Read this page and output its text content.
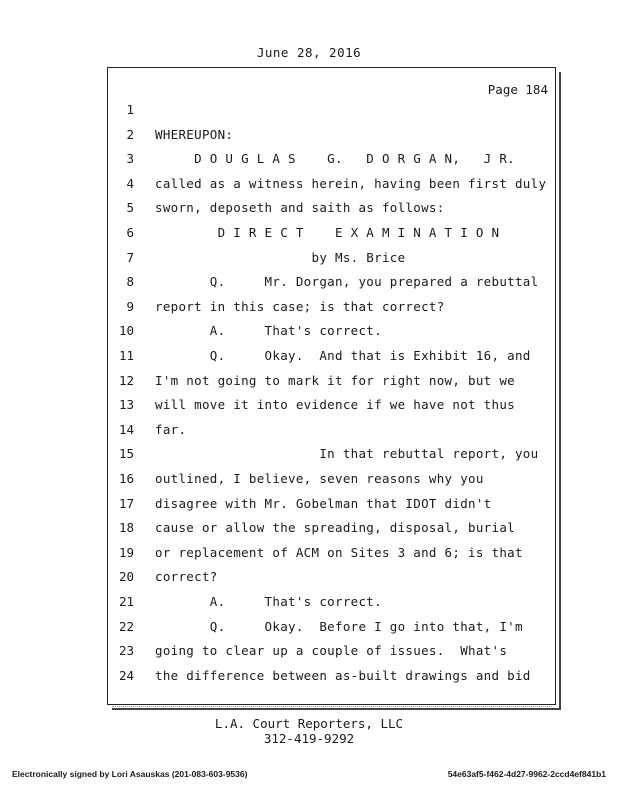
June 28, 2016
Page 184
1
2 WHEREUPON:
3 D O U G L A S    G.   D O R G A N,   J R.
4 called as a witness herein, having been first duly
5 sworn, deposeth and saith as follows:
6 D I R E C T    E X A M I N A T I O N
7 by Ms. Brice
8 Q.     Mr. Dorgan, you prepared a rebuttal
9 report in this case; is that correct?
10 A.     That's correct.
11 Q.     Okay.  And that is Exhibit 16, and
12 I'm not going to mark it for right now, but we
13 will move it into evidence if we have not thus
14 far.
15 In that rebuttal report, you
16 outlined, I believe, seven reasons why you
17 disagree with Mr. Gobelman that IDOT didn't
18 cause or allow the spreading, disposal, burial
19 or replacement of ACM on Sites 3 and 6; is that
20 correct?
21 A.     That's correct.
22 Q.     Okay.  Before I go into that, I'm
23 going to clear up a couple of issues.  What's
24 the difference between as-built drawings and bid
L.A. Court Reporters, LLC
312-419-9292
Electronically signed by Lori Asauskas (201-083-603-9536)	54e63af5-f462-4d27-9962-2ccd4ef841b1
